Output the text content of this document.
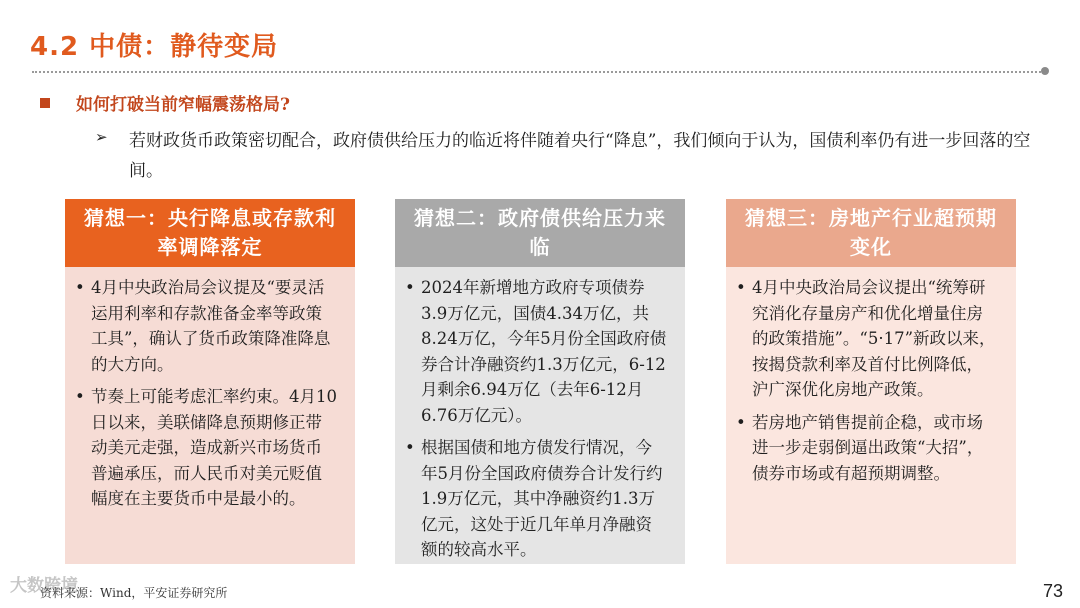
4.2 中债：静待变局
如何打破当前窄幅震荡格局?
➢ 若财政货币政策密切配合，政府债供给压力的临近将伴随着央行“降息”，我们倾向于认为，国债利率仍有进一步回落的空间。
猜想一：央行降息或存款利率调降落定
• 4月中央政治局会议提及“要灵活运用利率和存款准备金率等政策工具”，确认了货币政策降准降息的大方向。
• 节奏上可能考虑汇率约束。4月10日以来，美联储降息预期修正带动美元走强，造成新兴市场货币普遍承压，而人民币对美元贬值幅度在主要货币中是最小的。
猜想二：政府债供给压力来临
• 2024年新增地方政府专项债券3.9万亿元，国债4.34万亿，共8.24万亿，今年5月份全国政府债券合计净融资约1.3万亿元，6-12月剩余6.94万亿（去年6-12月6.76万亿元）。
• 根据国债和地方债发行情况，今年5月份全国政府债券合计发行约1.9万亿元，其中净融资约1.3万亿元，这处于近几年单月净融资额的较高水平。
猜想三：房地产行业超预期变化
• 4月中央政治局会议提出“统筹研究消化存量房产和优化增量住房的政策措施”。“5·17”新政以来，按揭贷款利率及首付比例降低，沪广深优化房地产政策。
• 若房地产销售提前企稳，或市场进一步走弱倒逼出政策“大招”，债券市场或有超预期调整。
大数跨境
资料来源：Wind，平安证券研究所	73
